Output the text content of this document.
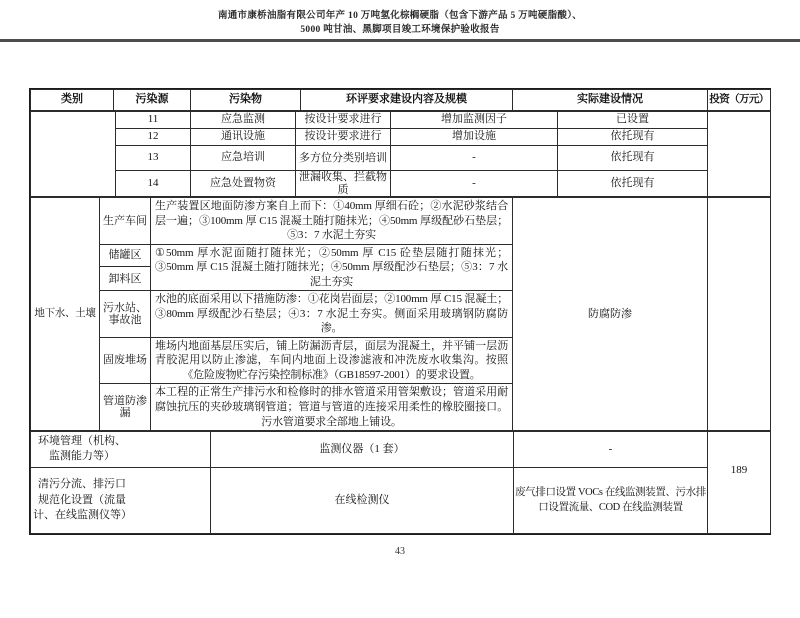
南通市康桥油脂有限公司年产 10 万吨氢化棕榈硬脂（包含下游产品 5 万吨硬脂酸）、
5000 吨甘油、黑脚项目竣工环境保护验收报告
类别	污染源	污染物	环评要求建设内容及规模	实际建设情况	投资（万元）
	11	应急监测	按设计要求进行	增加监测因子	已设置	
	12	通讯设施	按设计要求进行	增加设施	依托现有	
	13	应急培训	多方位分类别培训	-	依托现有	
	14	应急处置物资	泄漏收集、拦截物质	-	依托现有	
地下水、土壤	生产车间	生产装置区地面防渗方案自上而下：①40mm 厚细石砼；②水泥砂浆结合层一遍；③100mm 厚 C15 混凝土随打随抹光；④50mm 厚级配砂石垫层；⑤3：7 水泥土夯实	防腐防渗	
	储罐区	①50mm 厚水泥面随打随抹光；②50mm 厚 C15 砼垫层随打随抹光；③50mm 厚 C15 混凝土随打随抹光；④50mm 厚级配沙石垫层；⑤3：7 水泥土夯实		
	卸料区			
	污水站、事故池	水池的底面采用以下措施防渗：①花岗岩面层；②100mm 厚 C15 混凝土；③80mm 厚级配沙石垫层；④3：7 水泥土夯实。侧面采用玻璃钢防腐防渗。		
	固废堆场	堆场内地面基层压实后，铺上防漏沥青层，面层为混凝土，并平铺一层沥青胶泥用以防止渗滤，车间内地面上设渗滤液和冲洗废水收集沟。按照《危险废物贮存污染控制标准》（GB18597-2001）的要求设置。		
	管道防渗漏	本工程的正常生产排污水和检修时的排水管道采用管架敷设；管道采用耐腐蚀抗压的夹砂玻璃钢管道；管道与管道的连接采用柔性的橡胶圈接口。污水管道要求全部地上铺设。		
环境管理（机构、监测能力等）	监测仪器（1 套）	-	189

清污分流、排污口规范化设置（流量计、在线监测仪等）	在线检测仪	废气排口设置 VOCs 在线监测装置、污水排口设置流量、COD 在线监测装置	
43
